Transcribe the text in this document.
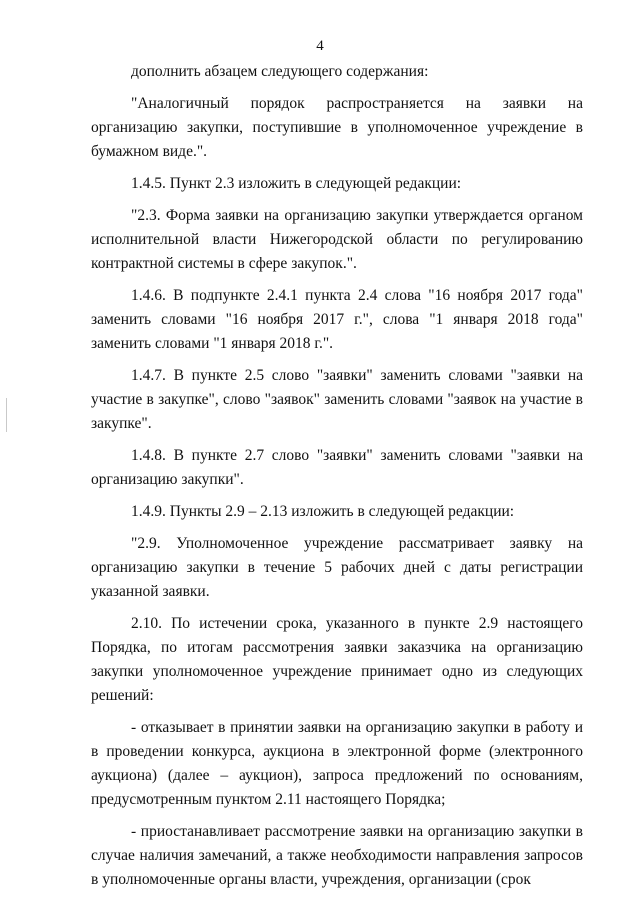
4

дополнить абзацем следующего содержания:

"Аналогичный порядок распространяется на заявки на организацию закупки, поступившие в уполномоченное учреждение в бумажном виде.".

1.4.5. Пункт 2.3 изложить в следующей редакции:

"2.3. Форма заявки на организацию закупки утверждается органом исполнительной власти Нижегородской области по регулированию контрактной системы в сфере закупок.".

1.4.6. В подпункте 2.4.1 пункта 2.4 слова "16 ноября 2017 года" заменить словами "16 ноября 2017 г.", слова "1 января 2018 года" заменить словами "1 января 2018 г.".

1.4.7. В пункте 2.5 слово "заявки" заменить словами "заявки на участие в закупке", слово "заявок" заменить словами "заявок на участие в закупке".

1.4.8. В пункте 2.7 слово "заявки" заменить словами "заявки на организацию закупки".

1.4.9. Пункты 2.9 – 2.13 изложить в следующей редакции:

"2.9. Уполномоченное учреждение рассматривает заявку на организацию закупки в течение 5 рабочих дней с даты регистрации указанной заявки.

2.10. По истечении срока, указанного в пункте 2.9 настоящего Порядка, по итогам рассмотрения заявки заказчика на организацию закупки уполномоченное учреждение принимает одно из следующих решений:

- отказывает в принятии заявки на организацию закупки в работу и в проведении конкурса, аукциона в электронной форме (электронного аукциона) (далее – аукцион), запроса предложений по основаниям, предусмотренным пунктом 2.11 настоящего Порядка;

- приостанавливает рассмотрение заявки на организацию закупки в случае наличия замечаний, а также необходимости направления запросов в уполномоченные органы власти, учреждения, организации (срок
